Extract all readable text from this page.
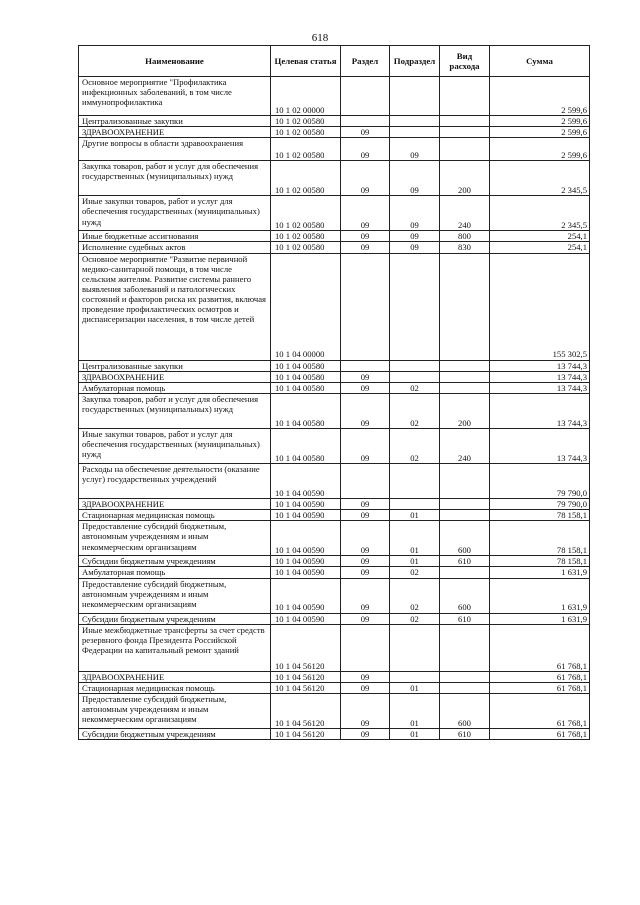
618
Наименование	Целевая статья	Раздел	Подраздел	Вид расхода	Сумма
Основное мероприятие "Профилактика инфекционных заболеваний, в том числе иммунопрофилактика	10 1 02 00000				2 599,6
Централизованные закупки	10 1 02 00580				2 599,6
ЗДРАВООХРАНЕНИЕ	10 1 02 00580	09			2 599,6
Другие вопросы в области здравоохранения	10 1 02 00580	09	09		2 599,6
Закупка товаров, работ и услуг для обеспечения государственных (муниципальных) нужд	10 1 02 00580	09	09	200	2 345,5
Иные закупки товаров, работ и услуг для обеспечения государственных (муниципальных) нужд	10 1 02 00580	09	09	240	2 345,5
Иные бюджетные ассигнования	10 1 02 00580	09	09	800	254,1
Исполнение судебных актов	10 1 02 00580	09	09	830	254,1
Основное мероприятие "Развитие первичной медико-санитарной помощи, в том числе сельским жителям. Развитие системы раннего выявления заболеваний и патологических состояний и факторов риска их развития, включая проведение профилактических осмотров и диспансеризации населения, в том числе детей	10 1 04 00000				155 302,5
Централизованные закупки	10 1 04 00580				13 744,3
ЗДРАВООХРАНЕНИЕ	10 1 04 00580	09			13 744,3
Амбулаторная помощь	10 1 04 00580	09	02		13 744,3
Закупка товаров, работ и услуг для обеспечения государственных (муниципальных) нужд	10 1 04 00580	09	02	200	13 744,3
Иные закупки товаров, работ и услуг для обеспечения государственных (муниципальных) нужд	10 1 04 00580	09	02	240	13 744,3
Расходы на обеспечение деятельности (оказание услуг) государственных учреждений	10 1 04 00590				79 790,0
ЗДРАВООХРАНЕНИЕ	10 1 04 00590	09			79 790,0
Стационарная медицинская помощь	10 1 04 00590	09	01		78 158,1
Предоставление субсидий бюджетным, автономным учреждениям и иным некоммерческим организациям	10 1 04 00590	09	01	600	78 158,1
Субсидии бюджетным учреждениям	10 1 04 00590	09	01	610	78 158,1
Амбулаторная помощь	10 1 04 00590	09	02		1 631,9
Предоставление субсидий бюджетным, автономным учреждениям и иным некоммерческим организациям	10 1 04 00590	09	02	600	1 631,9
Субсидии бюджетным учреждениям	10 1 04 00590	09	02	610	1 631,9
Иные межбюджетные трансферты за счет средств резервного фонда Президента Российской Федерации на капитальный ремонт зданий	10 1 04 56120				61 768,1
ЗДРАВООХРАНЕНИЕ	10 1 04 56120	09			61 768,1
Стационарная медицинская помощь	10 1 04 56120	09	01		61 768,1
Предоставление субсидий бюджетным, автономным учреждениям и иным некоммерческим организациям	10 1 04 56120	09	01	600	61 768,1
Субсидии бюджетным учреждениям	10 1 04 56120	09	01	610	61 768,1
